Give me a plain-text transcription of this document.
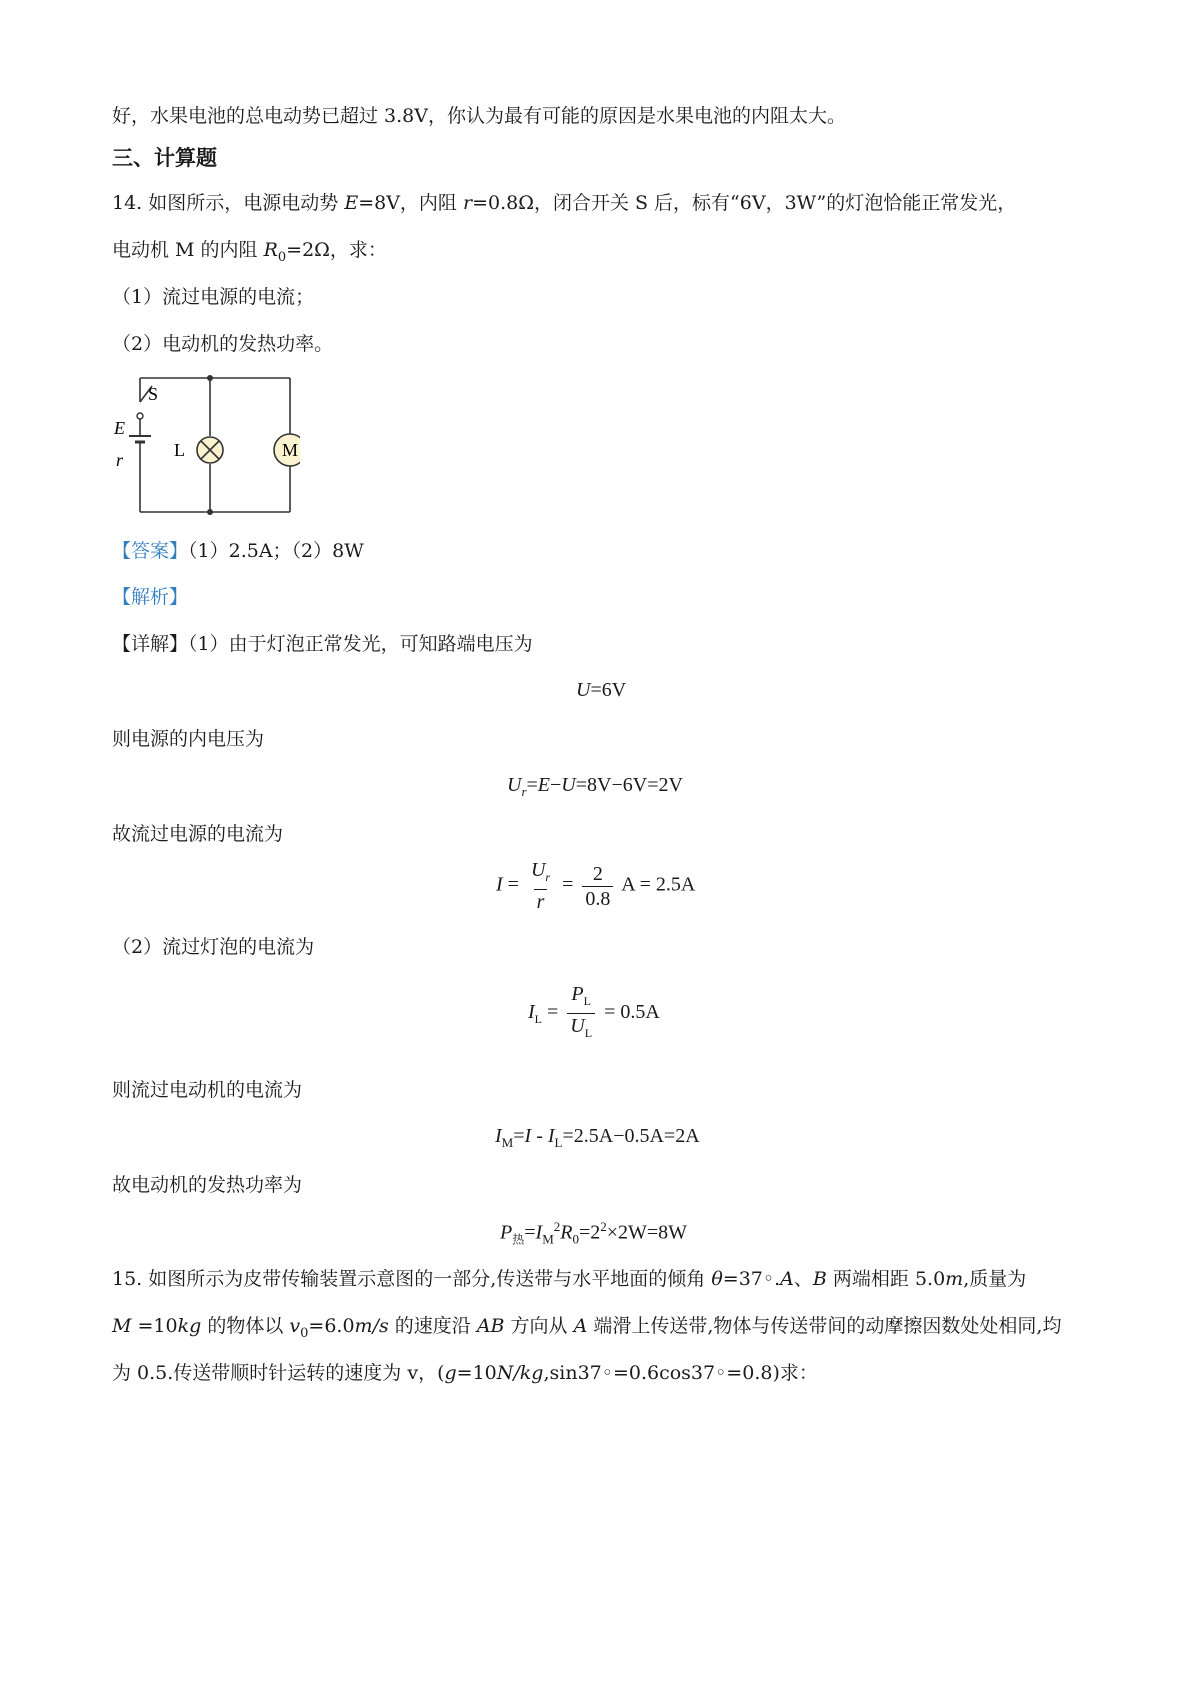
好，水果电池的总电动势已超过 3.8V，你认为最有可能的原因是水果电池的内阻太大。
三、计算题
14. 如图所示，电源电动势 E=8V，内阻 r=0.8Ω，闭合开关 S 后，标有“6V，3W”的灯泡恰能正常发光，
电动机 M 的内阻 $R_0=2\Omega$，求：
（1）流过电源的电流；
（2）电动机的发热功率。
S
E
r	L	M
【答案】（1）2.5A；（2）8W
【解析】
【详解】（1）由于灯泡正常发光，可知路端电压为
U=6V
则电源的内电压为
$U_r=E-U=8V-6V=2V$
故流过电源的电流为
$I = \frac{U_r}{r} = \frac{2}{0.8}$ A = 2.5A
（2）流过灯泡的电流为
$I_L = \frac{P_L}{U_L} = 0.5A$
则流过电动机的电流为
$I_M=I - I_L=2.5A-0.5A=2A$
故电动机的发热功率为
$P_热=I_M^2R_0=2^2\times 2W=8W$
15. 如图所示为皮带传输装置示意图的一部分,传送带与水平地面的倾角 θ=37◦.A、B 两端相距 5.0m,质量为
M =10kg 的物体以 $v_0=6.0m/s$ 的速度沿 AB 方向从 A 端滑上传送带,物体与传送带间的动摩擦因数处处相同,均
为 0.5.传送带顺时针运转的速度为 v，(g=10N/kg,sin37◦=0.6cos37◦=0.8)求：
